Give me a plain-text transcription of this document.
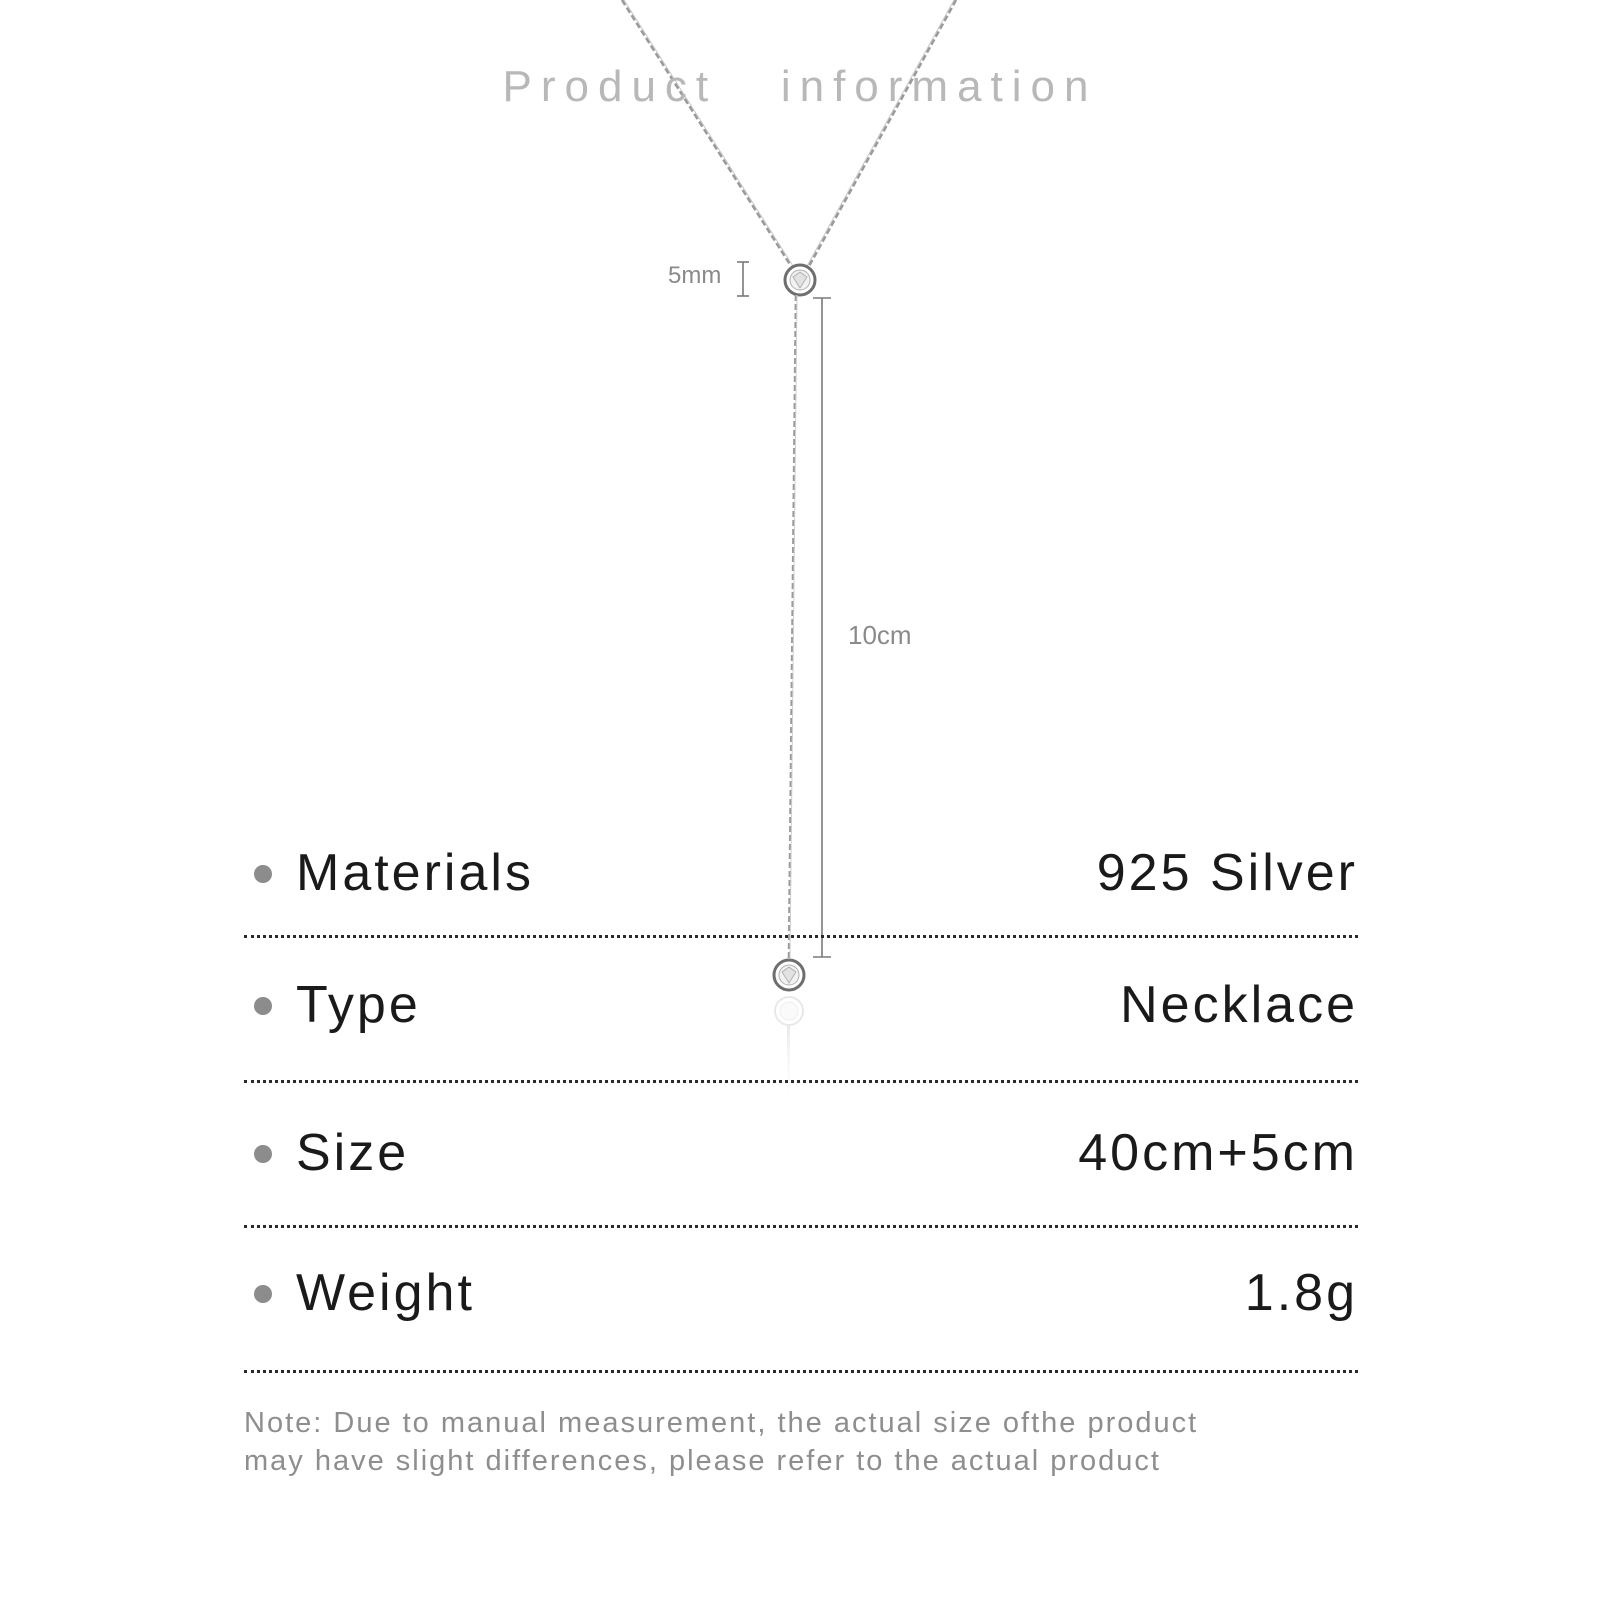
Product   information
5mm
10cm
Materials	925 Silver
Type	Necklace
Size	40cm+5cm
Weight	1.8g
Note: Due to manual measurement, the actual size ofthe product
may have slight differences, please refer to the actual product
